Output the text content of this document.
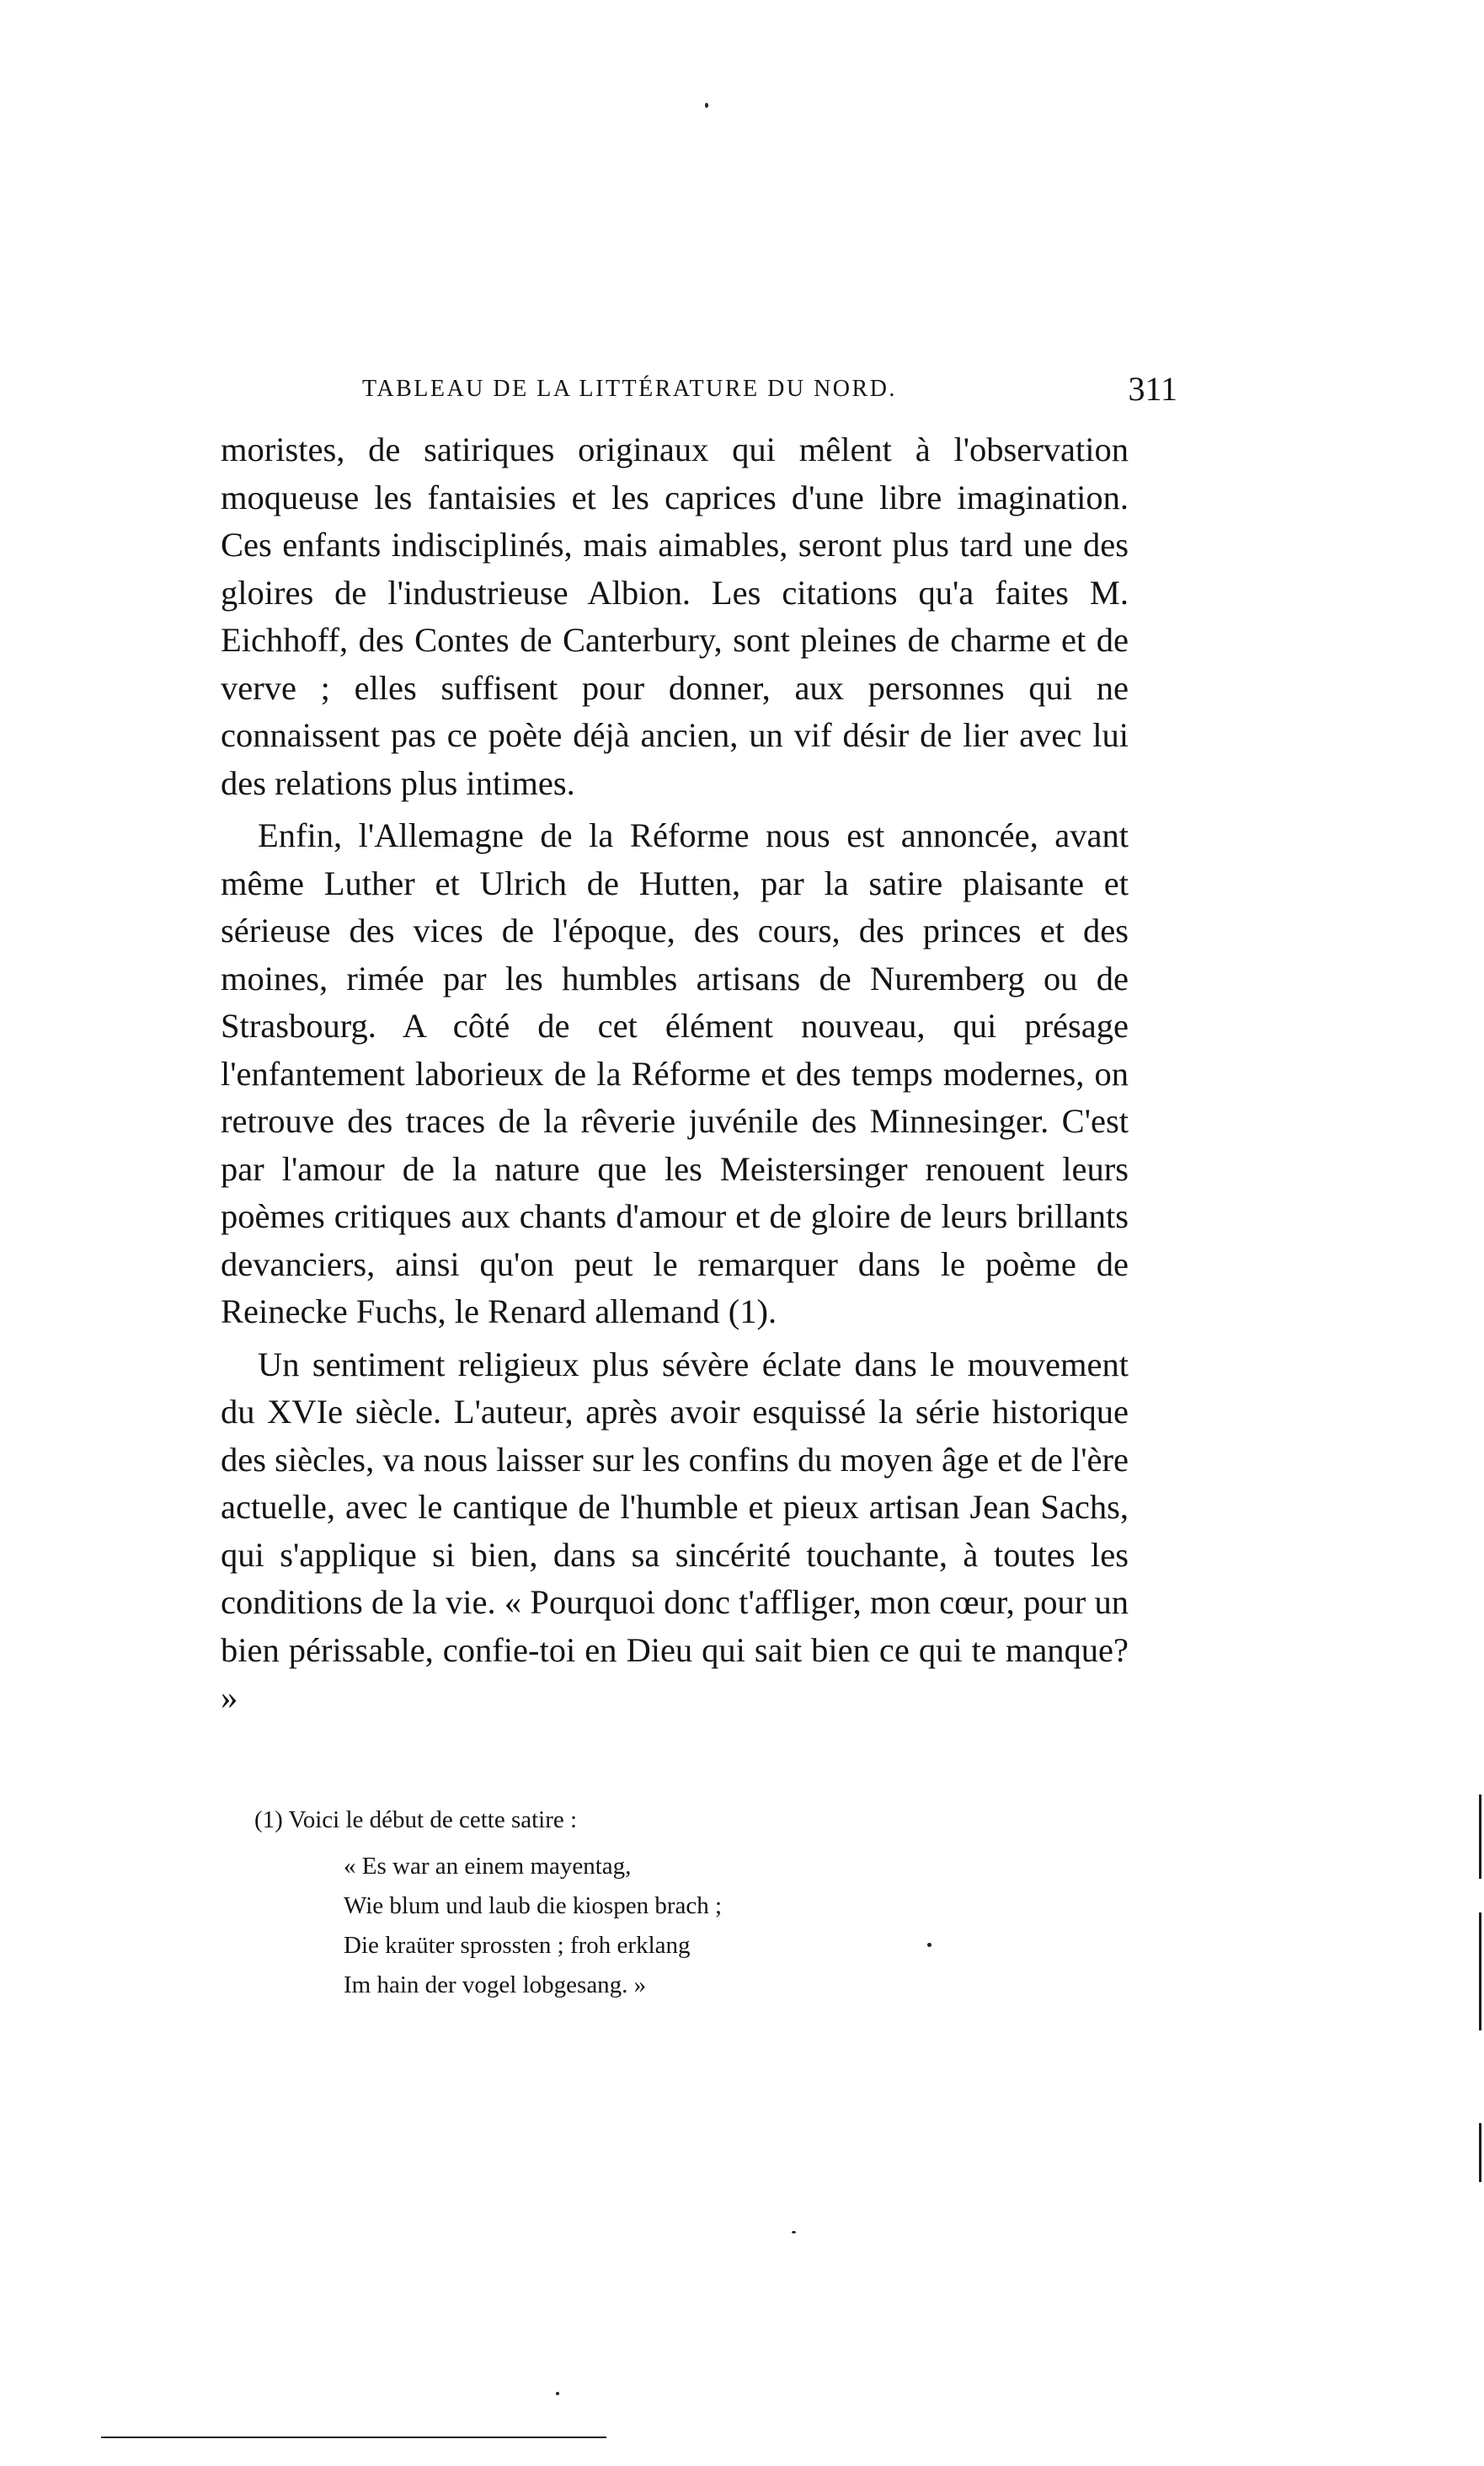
TABLEAU DE LA LITTÉRATURE DU NORD.	311

moristes, de satiriques originaux qui mêlent à l'observation moqueuse les fantaisies et les caprices d'une libre imagination. Ces enfants indisciplinés, mais aimables, seront plus tard une des gloires de l'industrieuse Albion. Les citations qu'a faites M. Eichhoff, des Contes de Canterbury, sont pleines de charme et de verve ; elles suffisent pour donner, aux personnes qui ne connaissent pas ce poète déjà ancien, un vif désir de lier avec lui des relations plus intimes.

Enfin, l'Allemagne de la Réforme nous est annoncée, avant même Luther et Ulrich de Hutten, par la satire plaisante et sérieuse des vices de l'époque, des cours, des princes et des moines, rimée par les humbles artisans de Nuremberg ou de Strasbourg. A côté de cet élément nouveau, qui présage l'enfantement laborieux de la Réforme et des temps modernes, on retrouve des traces de la rêverie juvénile des Minnesinger. C'est par l'amour de la nature que les Meistersinger renouent leurs poèmes critiques aux chants d'amour et de gloire de leurs brillants devanciers, ainsi qu'on peut le remarquer dans le poème de Reinecke Fuchs, le Renard allemand (1).

Un sentiment religieux plus sévère éclate dans le mouvement du XVIe siècle. L'auteur, après avoir esquissé la série historique des siècles, va nous laisser sur les confins du moyen âge et de l'ère actuelle, avec le cantique de l'humble et pieux artisan Jean Sachs, qui s'applique si bien, dans sa sincérité touchante, à toutes les conditions de la vie. « Pourquoi donc t'affliger, mon cœur, pour un bien périssable, confie-toi en Dieu qui sait bien ce qui te manque? »

(1) Voici le début de cette satire :

« Es war an einem mayentag,
Wie blum und laub die kiospen brach ;
Die kraüter sprossten ; froh erklang
Im hain der vogel lobgesang. »
